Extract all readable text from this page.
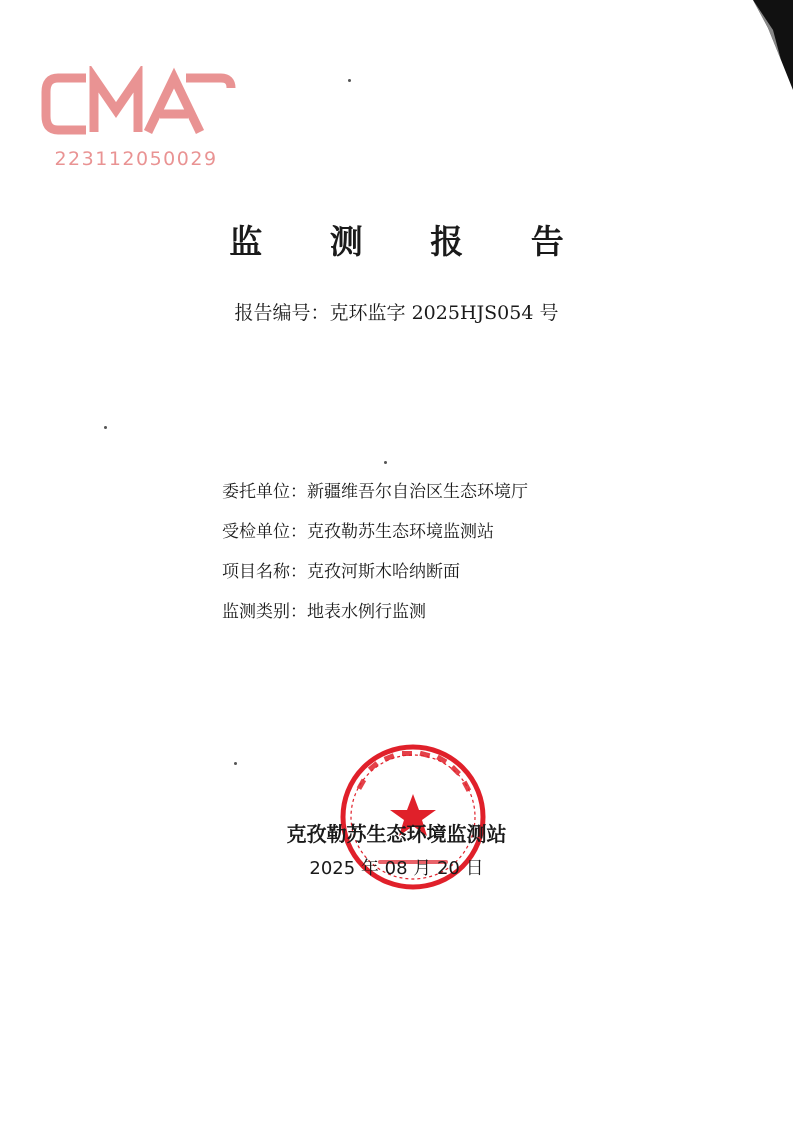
223112050029
监 测 报 告
报告编号：克环监字 2025HJS054 号
委托单位：新疆维吾尔自治区生态环境厅
受检单位：克孜勒苏生态环境监测站
项目名称：克孜河斯木哈纳断面
监测类别：地表水例行监测
克孜勒苏生态环境监测站
2025 年 08 月 20 日
